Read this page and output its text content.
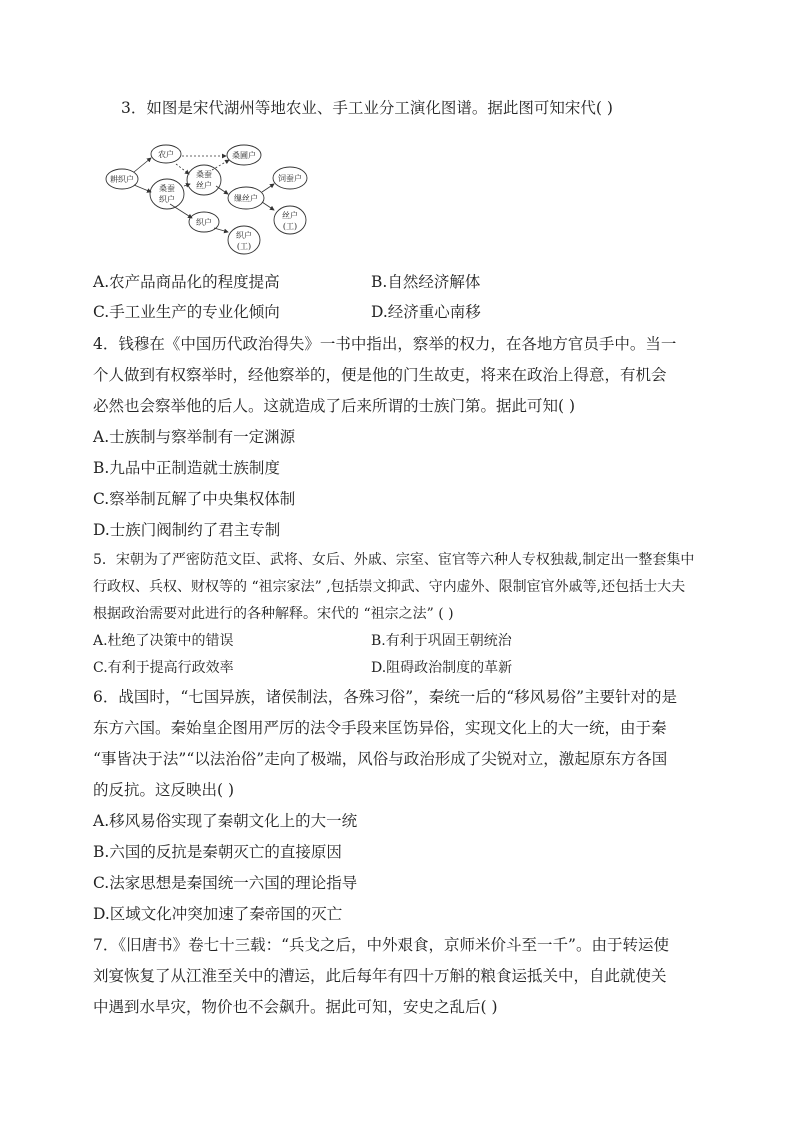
3．如图是宋代湖州等地农业、手工业分工演化图谱。据此图可知宋代( )
耕织户
农户	桑圃户
桑蚕
织户
桑蚕
丝户
饲蚕户
缫丝户
丝户
(工)
织户
织户
(工)
A.农产品商品化的程度提高	B.自然经济解体
C.手工业生产的专业化倾向	D.经济重心南移
4．钱穆在《中国历代政治得失》一书中指出，察举的权力，在各地方官员手中。当一
个人做到有权察举时，经他察举的，便是他的门生故吏，将来在政治上得意，有机会
必然也会察举他的后人。这就造成了后来所谓的士族门第。据此可知( )
A.士族制与察举制有一定渊源
B.九品中正制造就士族制度
C.察举制瓦解了中央集权体制
D.士族门阀制约了君主专制
5．宋朝为了严密防范文臣、武将、女后、外戚、宗室、宦官等六种人专权独裁,制定出一整套集中
行政权、兵权、财权等的 “祖宗家法” ,包括崇文抑武、守内虚外、限制宦官外戚等,还包括士大夫
根据政治需要对此进行的各种解释。宋代的 “祖宗之法” ( )
A.杜绝了决策中的错误	B.有利于巩固王朝统治
C.有利于提高行政效率	D.阻碍政治制度的革新
6．战国时，“七国异族，诸侯制法，各殊习俗”，秦统一后的“移风易俗”主要针对的是
东方六国。秦始皇企图用严厉的法令手段来匡饬异俗，实现文化上的大一统，由于秦
“事皆决于法”“以法治俗”走向了极端，风俗与政治形成了尖锐对立，激起原东方各国
的反抗。这反映出( )
A.移风易俗实现了秦朝文化上的大一统
B.六国的反抗是秦朝灭亡的直接原因
C.法家思想是秦国统一六国的理论指导
D.区域文化冲突加速了秦帝国的灭亡
7．《旧唐书》卷七十三载：“兵戈之后，中外艰食，京师米价斗至一千”。由于转运使
刘宴恢复了从江淮至关中的漕运，此后每年有四十万斛的粮食运抵关中，自此就使关
中遇到水旱灾，物价也不会飙升。据此可知，安史之乱后( )
